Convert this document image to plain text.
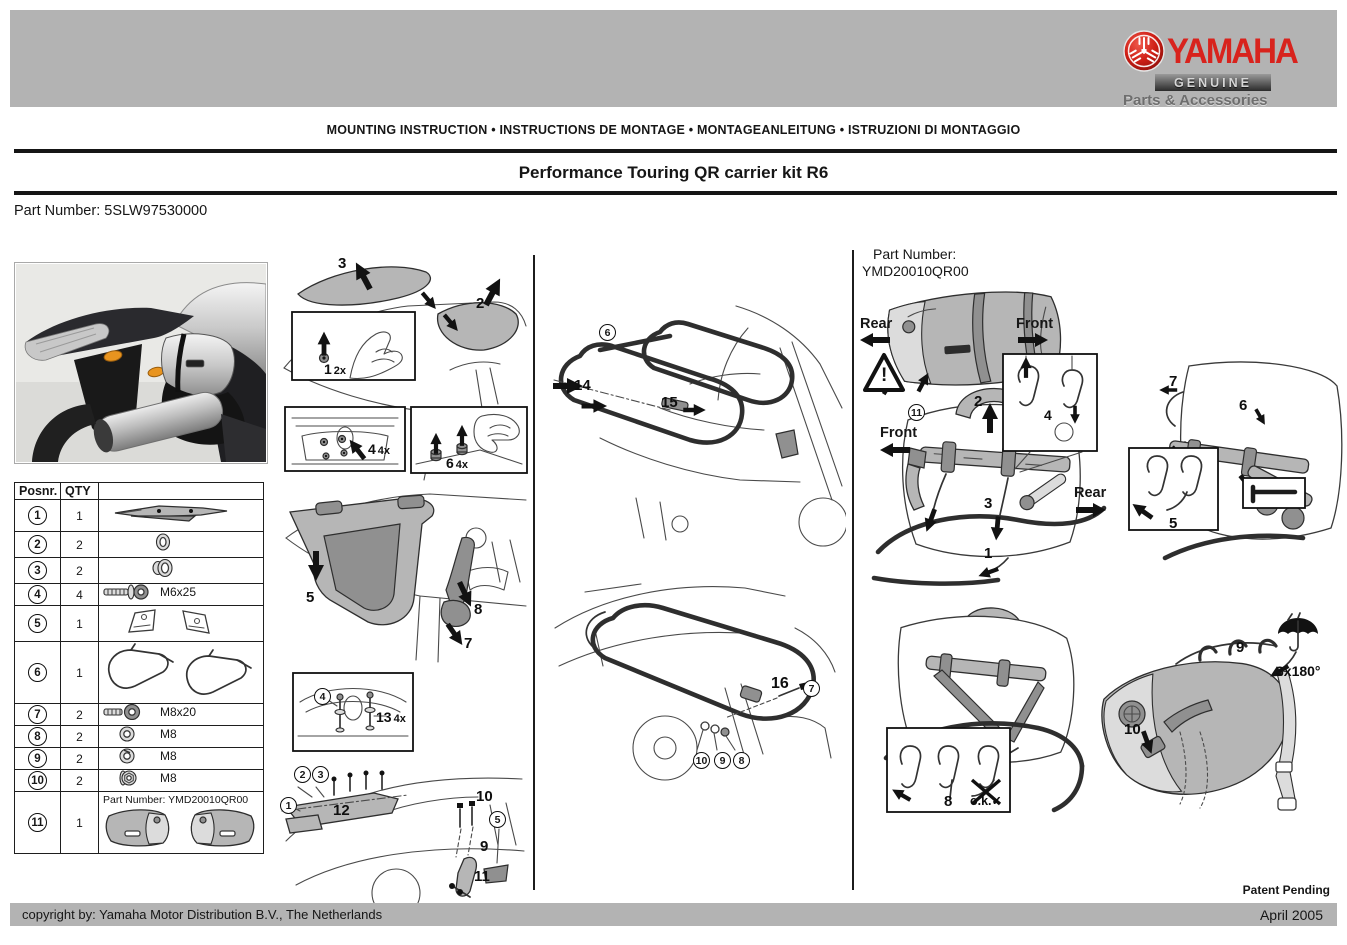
YAMAHA
GENUINE
Parts & Accessories
MOUNTING INSTRUCTION • INSTRUCTIONS DE MONTAGE • MONTAGEANLEITUNG • ISTRUZIONI DI MONTAGGIO
Performance Touring QR carrier kit R6
Part Number: 5SLW97530000
Posnr.	QTY	
1	1	
2	2	
3	2	
4	4	$^{M6x25}$
5	1	
6	1	
7	2	$^{M8x20}$
8	2	$^{M8}$
9	2	$^{M8}$
10	2	$^{M8}$
11	1	Part Number: YMD20010QR00
3
2
1 2x
4 4x
6 4x
5
8
7
4
13 4x
2	3
1	12
10
5
9
11
6
14
15
16	7
10	9	8
Part Number:
YMD20010QR00
!
Rear	Front
11
2
4
Front
3
Rear
1
7
6
5
8 o.k.✓
9
3x180°
10
Patent Pending
copyright by: Yamaha Motor Distribution B.V., The Netherlands	April 2005
